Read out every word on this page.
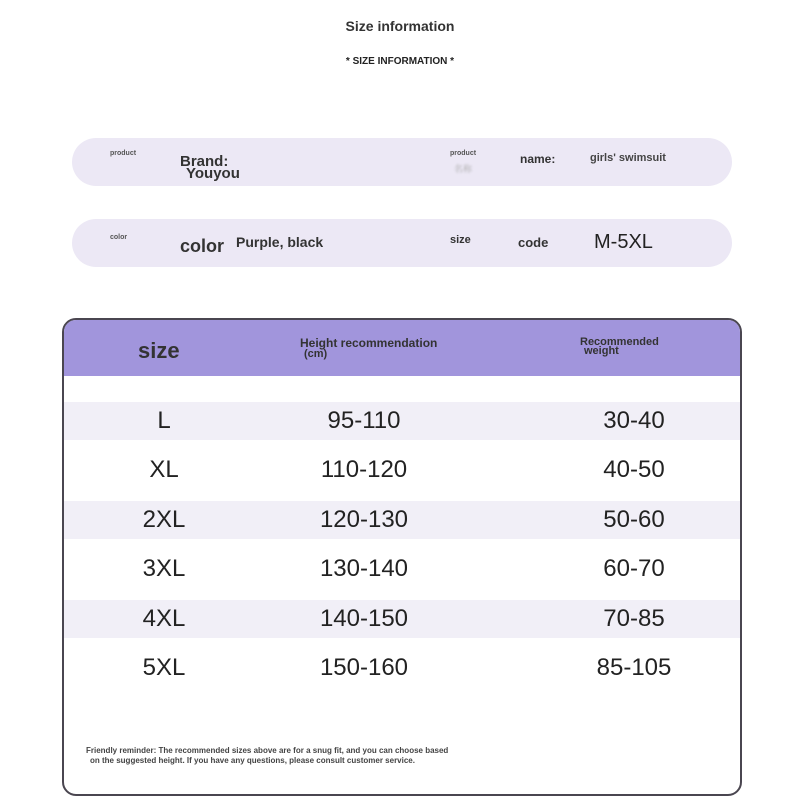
Size information
* SIZE INFORMATION *
product	Brand:
Youyou
product
名称
name:	girls' swimsuit
color	color Purple, black	size	code M-5XL
size	Height recommendation
(cm)
Recommended
weight
L	95-110	30-40
XL	110-120	40-50
2XL	120-130	50-60
3XL	130-140	60-70
4XL	140-150	70-85
5XL	150-160	85-105
Friendly reminder: The recommended sizes above are for a snug fit, and you can choose based
on the suggested height. If you have any questions, please consult customer service.
